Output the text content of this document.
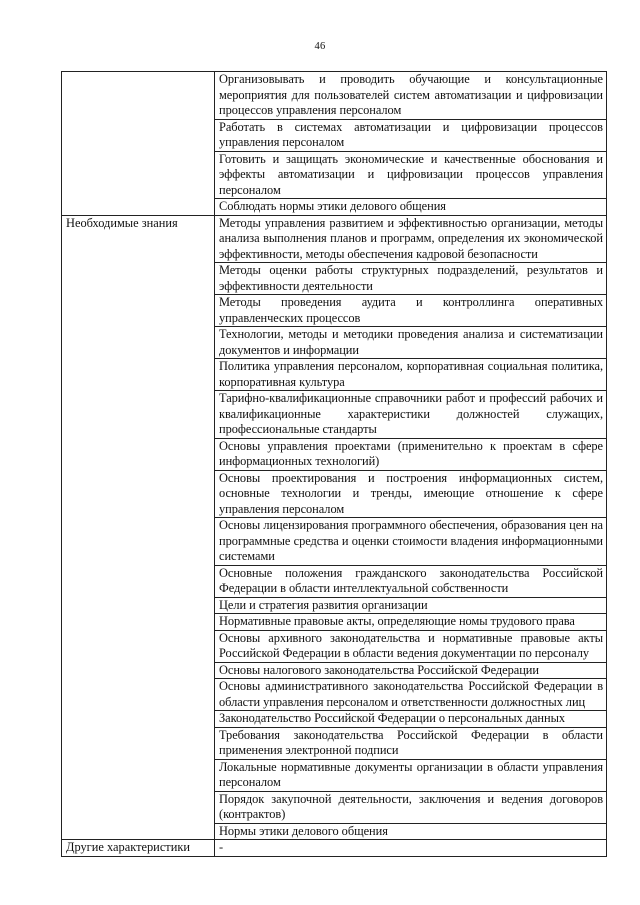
46
	Организовывать и проводить обучающие и консультационные мероприятия для пользователей систем автоматизации и цифровизации процессов управления персоналом
	Работать в системах автоматизации и цифровизации процессов управления персоналом
	Готовить и защищать экономические и качественные обоснования и эффекты автоматизации и цифровизации процессов управления персоналом
	Соблюдать нормы этики делового общения
Необходимые знания	Методы управления развитием и эффективностью организации, методы анализа выполнения планов и программ, определения их экономической эффективности, методы обеспечения кадровой безопасности
	Методы оценки работы структурных подразделений, результатов и эффективности деятельности
	Методы проведения аудита и контроллинга оперативных управленческих процессов
	Технологии, методы и методики проведения анализа и систематизации документов и информации
	Политика управления персоналом, корпоративная социальная политика, корпоративная культура
	Тарифно-квалификационные справочники работ и профессий рабочих и квалификационные характеристики должностей служащих, профессиональные стандарты
	Основы управления проектами (применительно к проектам в сфере информационных технологий)
	Основы проектирования и построения информационных систем, основные технологии и тренды, имеющие отношение к сфере управления персоналом
	Основы лицензирования программного обеспечения, образования цен на программные средства и оценки стоимости владения информационными системами
	Основные положения гражданского законодательства Российской Федерации в области интеллектуальной собственности
	Цели и стратегия развития организации
	Нормативные правовые акты, определяющие номы трудового права
	Основы архивного законодательства и нормативные правовые акты Российской Федерации в области ведения документации по персоналу
	Основы налогового законодательства Российской Федерации
	Основы административного законодательства Российской Федерации в области управления персоналом и ответственности должностных лиц
	Законодательство Российской Федерации о персональных данных
	Требования законодательства Российской Федерации в области применения электронной подписи
	Локальные нормативные документы организации в области управления персоналом
	Порядок закупочной деятельности, заключения и ведения договоров (контрактов)
	Нормы этики делового общения
Другие характеристики	-
